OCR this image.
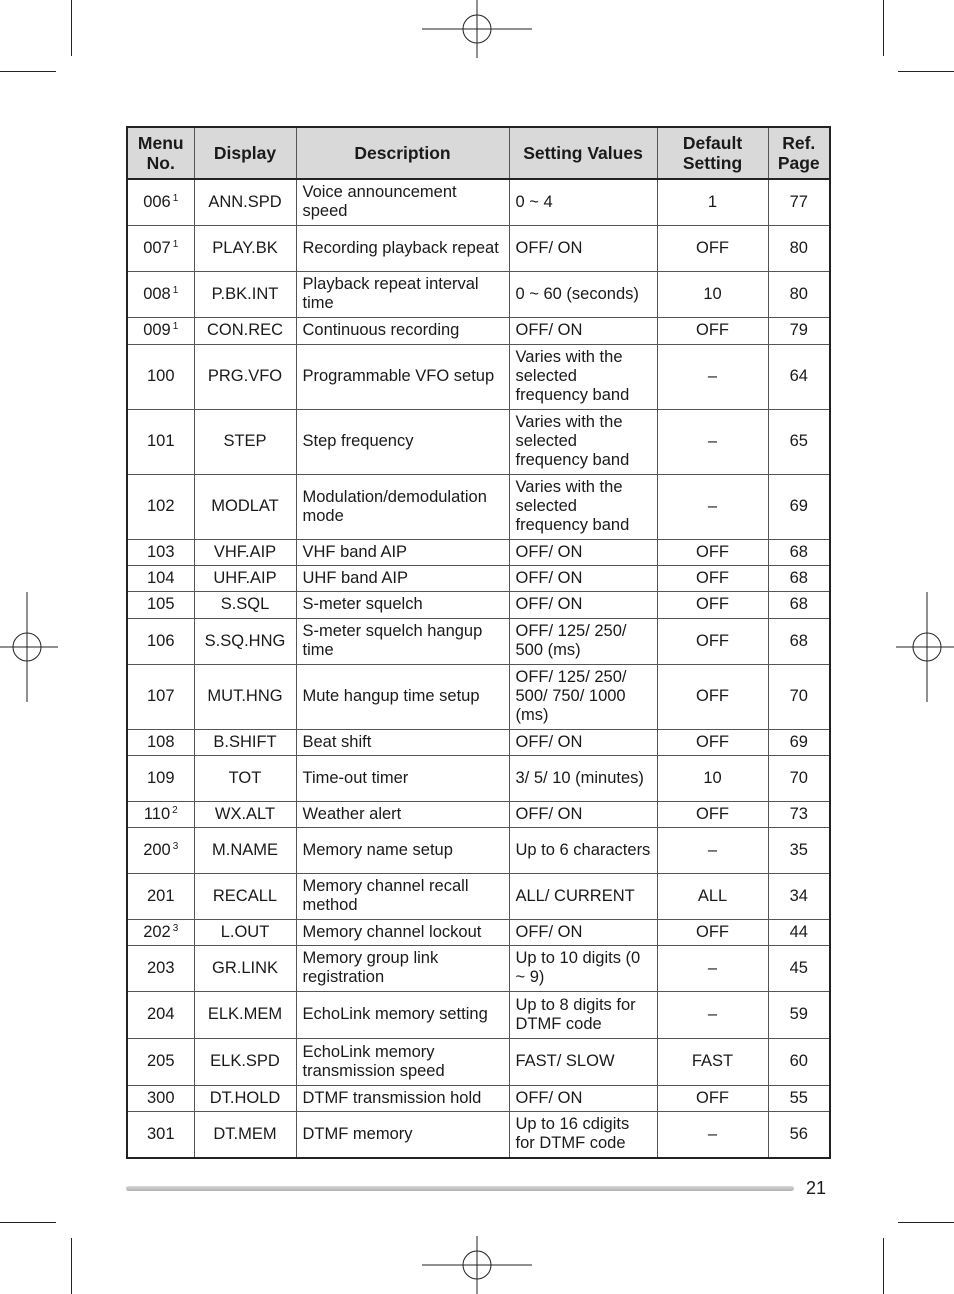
Menu No.	Display	Description	Setting Values	Default Setting	Ref. Page
006 $^1$	ANN.SPD	Voice announcement speed	0 ~ 4	1	77
007 $^1$	PLAY.BK	Recording playback repeat	OFF/ ON	OFF	80
008 $^1$	P.BK.INT	Playback repeat interval time	0 ~ 60 (seconds)	10	80
009 $^1$	CON.REC	Continuous recording	OFF/ ON	OFF	79
100	PRG.VFO	Programmable VFO setup	Varies with the selected frequency band	–	64
101	STEP	Step frequency	Varies with the selected frequency band	–	65
102	MODLAT	Modulation/demodulation mode	Varies with the selected frequency band	–	69
103	VHF.AIP	VHF band AIP	OFF/ ON	OFF	68
104	UHF.AIP	UHF band AIP	OFF/ ON	OFF	68
105	S.SQL	S-meter squelch	OFF/ ON	OFF	68
106	S.SQ.HNG	S-meter squelch hangup time	OFF/ 125/ 250/ 500 (ms)	OFF	68
107	MUT.HNG	Mute hangup time setup	OFF/ 125/ 250/ 500/ 750/ 1000 (ms)	OFF	70
108	B.SHIFT	Beat shift	OFF/ ON	OFF	69
109	TOT	Time-out timer	3/ 5/ 10 (minutes)	10	70
110 $^2$	WX.ALT	Weather alert	OFF/ ON	OFF	73
200 $^3$	M.NAME	Memory name setup	Up to 6 characters	–	35
201	RECALL	Memory channel recall method	ALL/ CURRENT	ALL	34
202 $^3$	L.OUT	Memory channel lockout	OFF/ ON	OFF	44
203	GR.LINK	Memory group link registration	Up to 10 digits (0 ~ 9)	–	45
204	ELK.MEM	EchoLink memory setting	Up to 8 digits for DTMF code	–	59
205	ELK.SPD	EchoLink memory transmission speed	FAST/ SLOW	FAST	60
300	DT.HOLD	DTMF transmission hold	OFF/ ON	OFF	55
301	DT.MEM	DTMF memory	Up to 16 cdigits for DTMF code	–	56
21
